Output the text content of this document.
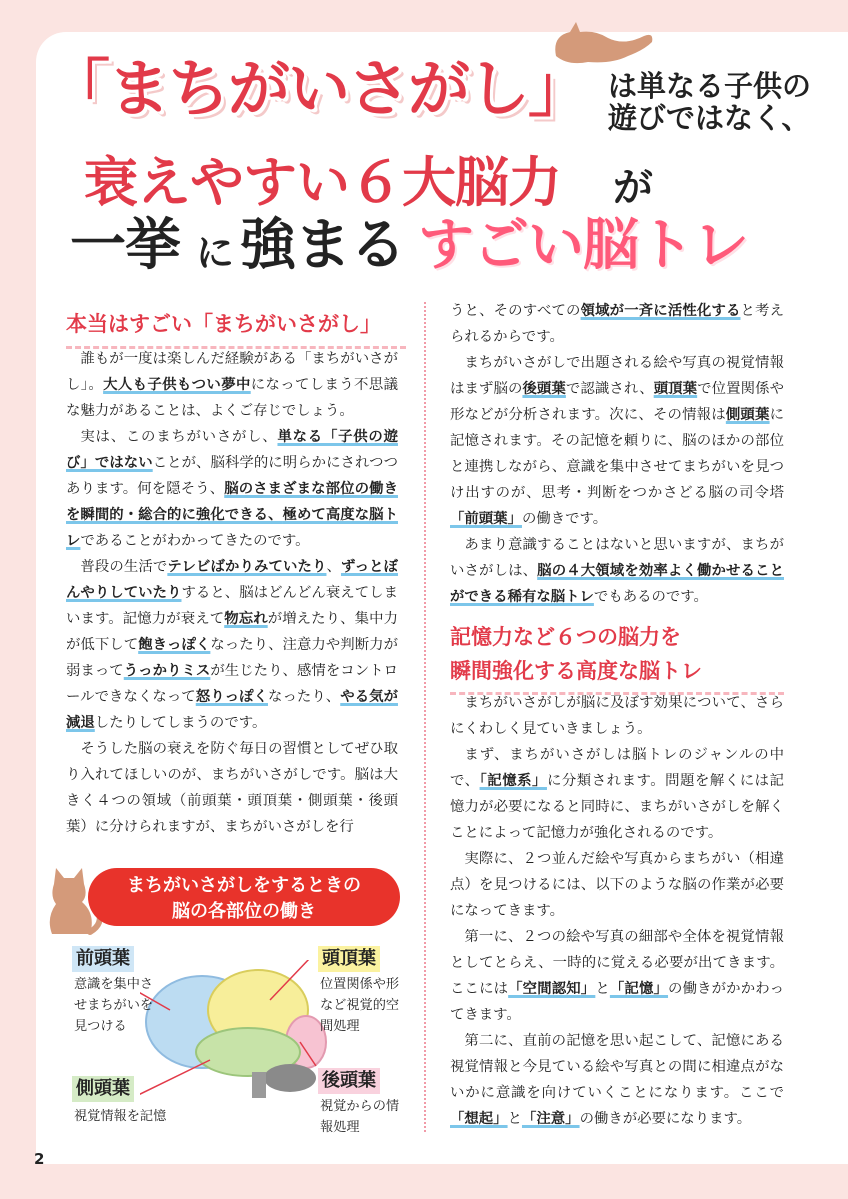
「まちがいさがし」 は単なる子供の
遊びではなく、
衰えやすい６大脳力 が
一挙 に 強まる すごい脳トレ
本当はすごい「まちがいさがし」

誰もが一度は楽しんだ経験がある「まちがいさがし」。大人も子供もつい夢中になってしまう不思議な魅力があることは、よくご存じでしょう。

実は、このまちがいさがし、単なる「子供の遊び」ではないことが、脳科学的に明らかにされつつあります。何を隠そう、脳のさまざまな部位の働きを瞬間的・総合的に強化できる、極めて高度な脳トレであることがわかってきたのです。

普段の生活でテレビばかりみていたり、ずっとぼんやりしていたりすると、脳はどんどん衰えてしまいます。記憶力が衰えて物忘れが増えたり、集中力が低下して飽きっぽくなったり、注意力や判断力が弱まってうっかりミスが生じたり、感情をコントロールできなくなって怒りっぽくなったり、やる気が減退したりしてしまうのです。

そうした脳の衰えを防ぐ毎日の習慣としてぜひ取り入れてほしいのが、まちがいさがしです。脳は大きく４つの領域（前頭葉・頭頂葉・側頭葉・後頭葉）に分けられますが、まちがいさがしを行

うと、そのすべての領域が一斉に活性化すると考えられるからです。

まちがいさがしで出題される絵や写真の視覚情報はまず脳の後頭葉で認識され、頭頂葉で位置関係や形などが分析されます。次に、その情報は側頭葉に記憶されます。その記憶を頼りに、脳のほかの部位と連携しながら、意識を集中させてまちがいを見つけ出すのが、思考・判断をつかさどる脳の司令塔「前頭葉」の働きです。

あまり意識することはないと思いますが、まちがいさがしは、脳の４大領域を効率よく働かせることができる稀有な脳トレでもあるのです。

記憶力など６つの脳力を
瞬間強化する高度な脳トレ

まちがいさがしが脳に及ぼす効果について、さらにくわしく見ていきましょう。

まず、まちがいさがしは脳トレのジャンルの中で、「記憶系」に分類されます。問題を解くには記憶力が必要になると同時に、まちがいさがしを解くことによって記憶力が強化されるのです。

実際に、２つ並んだ絵や写真からまちがい（相違点）を見つけるには、以下のような脳の作業が必要になってきます。

第一に、２つの絵や写真の細部や全体を視覚情報としてとらえ、一時的に覚える必要が出てきます。ここには「空間認知」と「記憶」の働きがかかわってきます。

第二に、直前の記憶を思い起こして、記憶にある視覚情報と今見ている絵や写真との間に相違点がないかに意識を向けていくことになります。ここで「想起」と「注意」の働きが必要になります。

まちがいさがしをするときの
脳の各部位の働き
前頭葉
意識を集中させまちがいを見つける
頭頂葉
位置関係や形など視覚的空間処理
側頭葉
視覚情報を記憶
後頭葉
視覚からの情報処理
2
